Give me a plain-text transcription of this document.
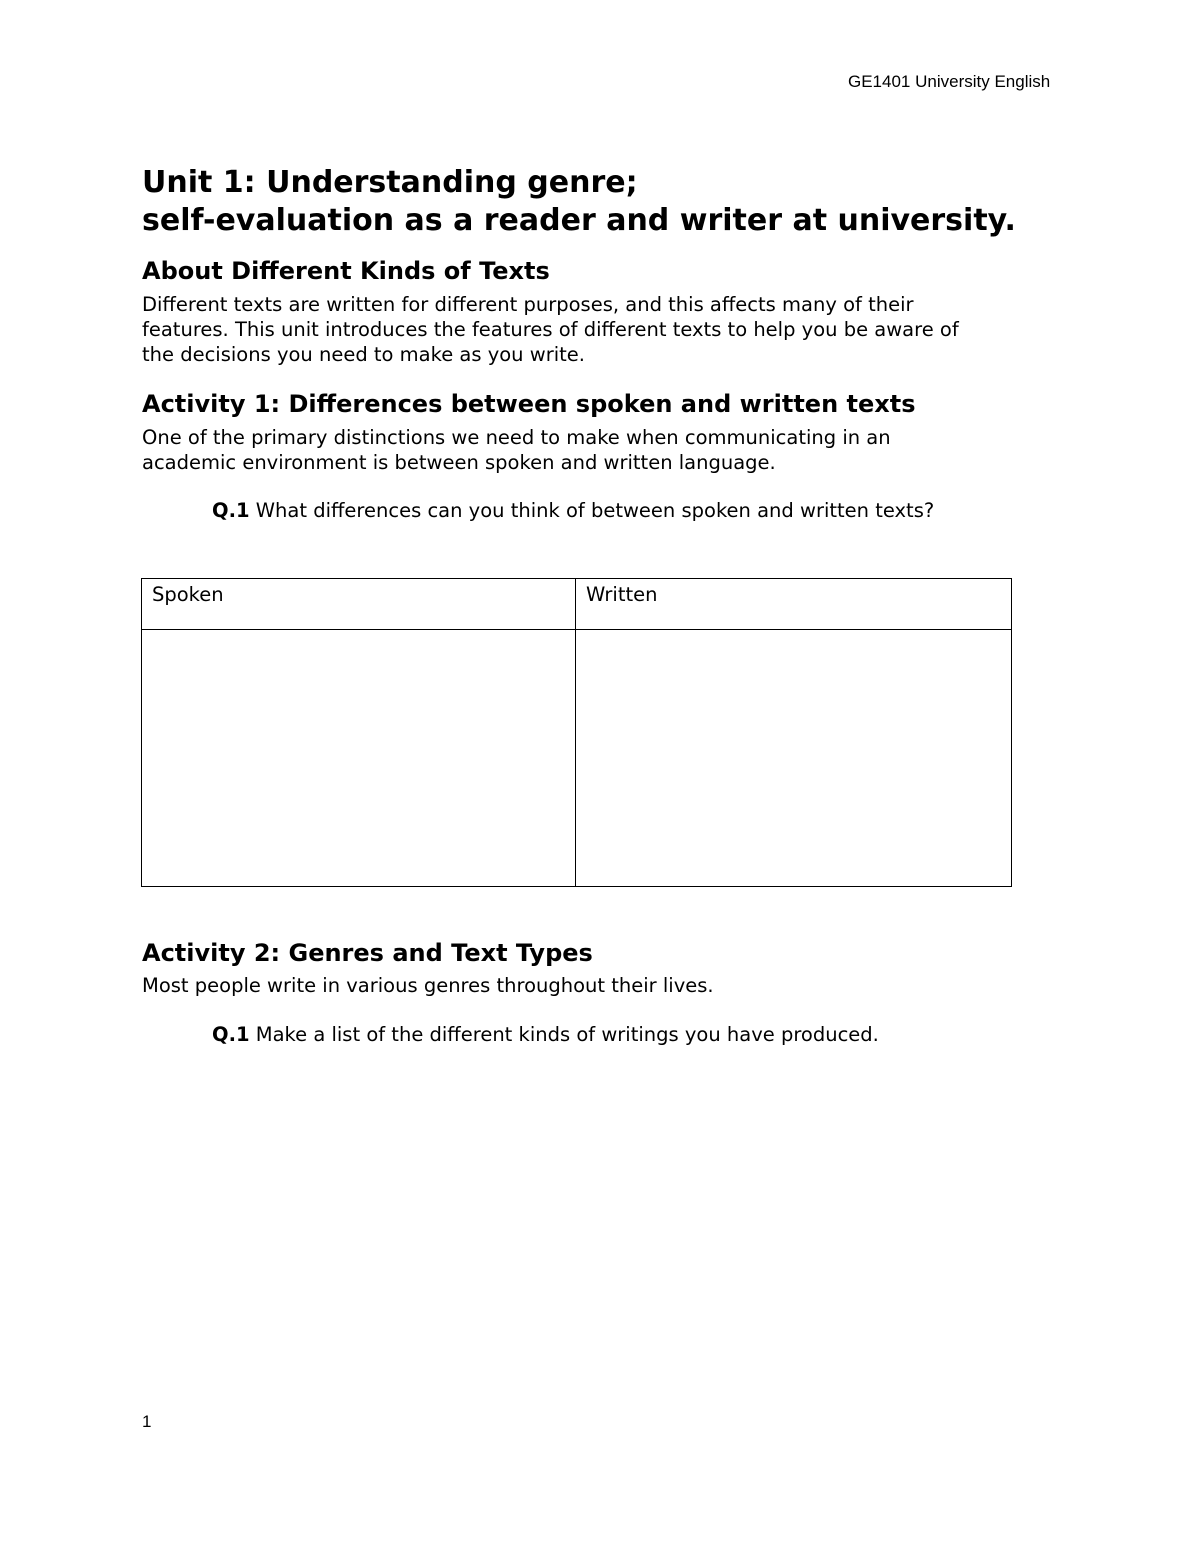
GE1401 University English
Unit 1: Understanding genre;
self-evaluation as a reader and writer at university.
About Different Kinds of Texts

Different texts are written for different purposes, and this affects many of their
features. This unit introduces the features of different texts to help you be aware of
the decisions you need to make as you write.

Activity 1: Differences between spoken and written texts

One of the primary distinctions we need to make when communicating in an
academic environment is between spoken and written language.

Q.1 What differences can you think of between spoken and written texts?

Spoken	Written

Activity 2: Genres and Text Types

Most people write in various genres throughout their lives.

Q.1 Make a list of the different kinds of writings you have produced.

1
